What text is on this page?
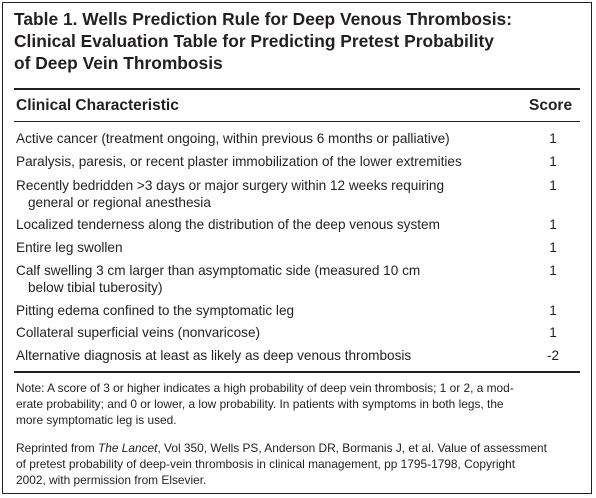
Table 1. Wells Prediction Rule for Deep Venous Thrombosis:
Clinical Evaluation Table for Predicting Pretest Probability
of Deep Vein Thrombosis
Clinical Characteristic	Score
Active cancer (treatment ongoing, within previous 6 months or palliative)	1
Paralysis, paresis, or recent plaster immobilization of the lower extremities	1
Recently bedridden >3 days or major surgery within 12 weeks requiring
general or regional anesthesia
1
Localized tenderness along the distribution of the deep venous system	1
Entire leg swollen	1
Calf swelling 3 cm larger than asymptomatic side (measured 10 cm
below tibial tuberosity)
1
Pitting edema confined to the symptomatic leg	1
Collateral superficial veins (nonvaricose)	1
Alternative diagnosis at least as likely as deep venous thrombosis	-2
Note: A score of 3 or higher indicates a high probability of deep vein thrombosis; 1 or 2, a mod-
erate probability; and 0 or lower, a low probability. In patients with symptoms in both legs, the
more symptomatic leg is used.
Reprinted from The Lancet, Vol 350, Wells PS, Anderson DR, Bormanis J, et al. Value of assessment
of pretest probability of deep-vein thrombosis in clinical management, pp 1795-1798, Copyright
2002, with permission from Elsevier.
